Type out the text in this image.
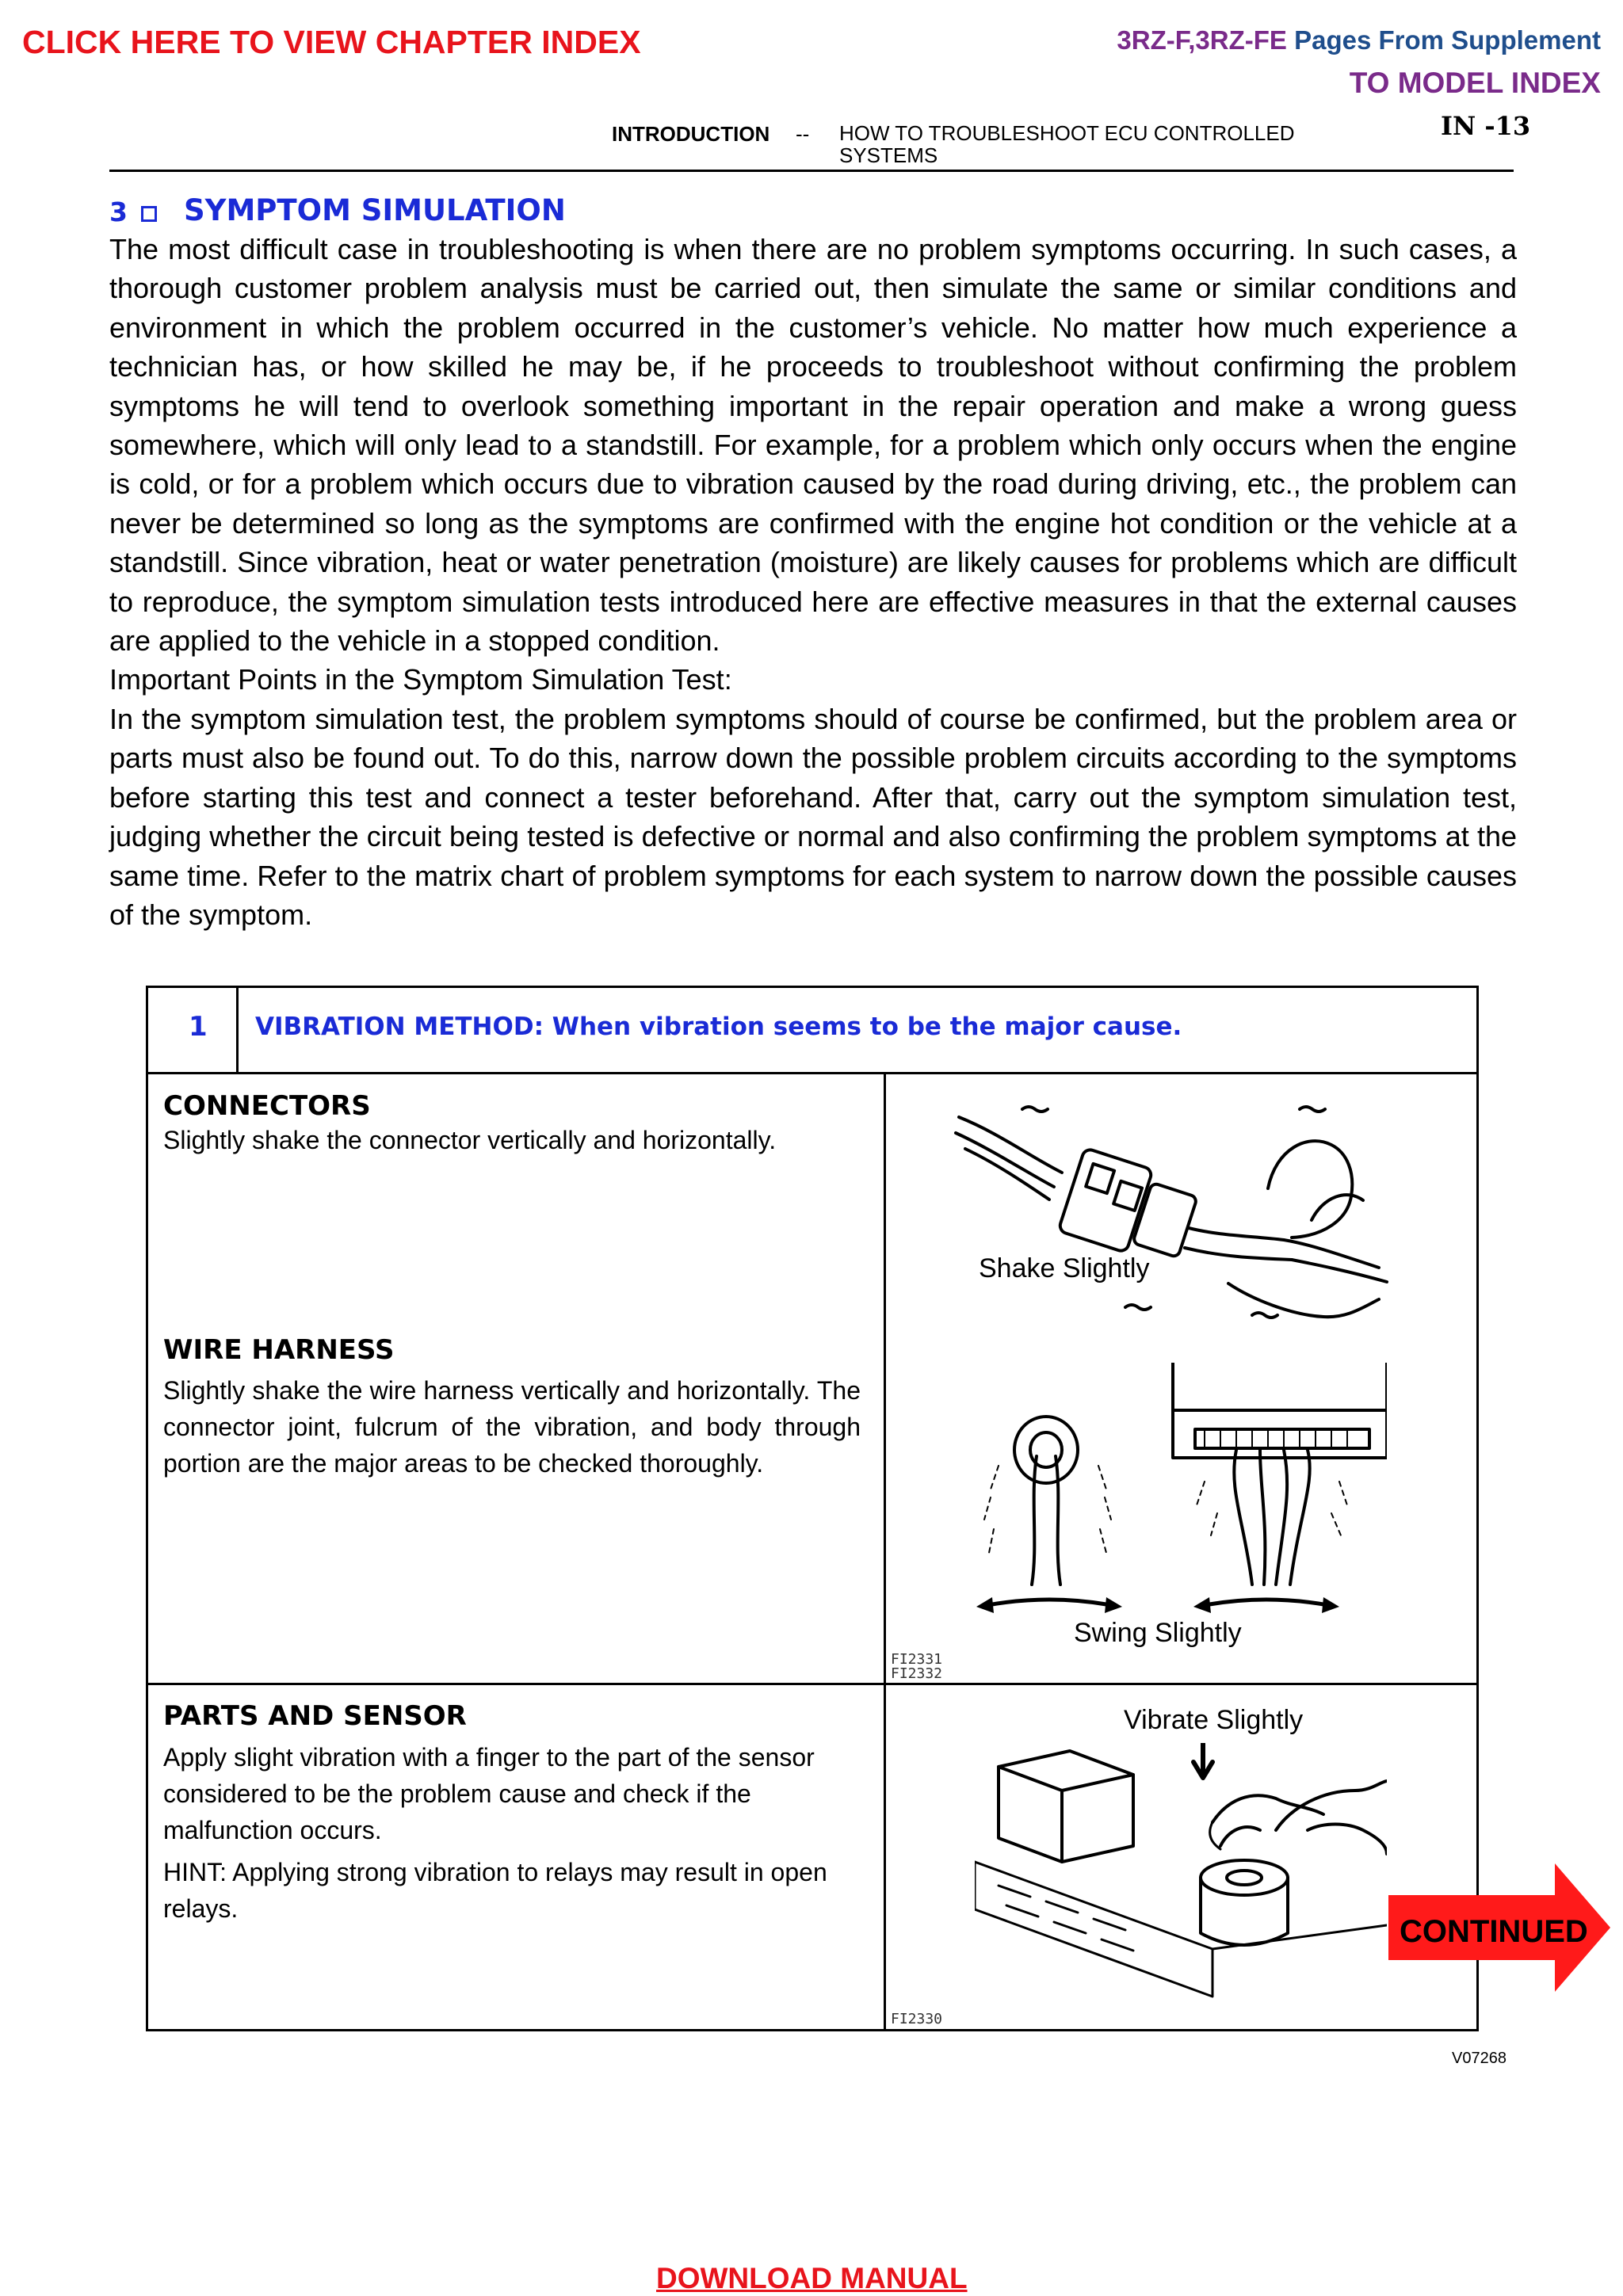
CLICK HERE TO VIEW CHAPTER INDEX	3RZ-F,3RZ-FE Pages From Supplement
TO MODEL INDEX
INTRODUCTION -- HOW TO TROUBLESHOOT ECU CONTROLLED SYSTEMS
IN -13
3 SYMPTOM SIMULATION
The most difficult case in troubleshooting is when there are no problem symptoms occurring. In such cases, a thorough customer problem analysis must be carried out, then simulate the same or similar conditions and environment in which the problem occurred in the customer’s vehicle. No matter how much experience a technician has, or how skilled he may be, if he proceeds to troubleshoot without confirming the problem symptoms he will tend to overlook something important in the repair operation and make a wrong guess somewhere, which will only lead to a standstill. For example, for a problem which only occurs when the engine is cold, or for a problem which occurs due to vibration caused by the road during driving, etc., the problem can never be determined so long as the symptoms are confirmed with the engine hot condition or the vehicle at a standstill. Since vibration, heat or water penetration (moisture) are likely causes for problems which are difficult to reproduce, the symptom simulation tests introduced here are effective measures in that the external causes are applied to the vehicle in a stopped condition.
Important Points in the Symptom Simulation Test:
In the symptom simulation test, the problem symptoms should of course be confirmed, but the problem area or parts must also be found out. To do this, narrow down the possible problem circuits according to the symptoms before starting this test and connect a tester beforehand. After that, carry out the symptom simulation test, judging whether the circuit being tested is defective or normal and also confirming the problem symptoms at the same time. Refer to the matrix chart of problem symptoms for each system to narrow down the possible causes of the symptom.
1 VIBRATION METHOD: When vibration seems to be the major cause.
CONNECTORS
Slightly shake the connector vertically and horizontally.
WIRE HARNESS
Slightly shake the wire harness vertically and horizontally. The connector joint, fulcrum of the vibration, and body through portion are the major areas to be checked thoroughly.
PARTS AND SENSOR
Apply slight vibration with a finger to the part of the sensor considered to be the problem cause and check if the malfunction occurs.
HINT: Applying strong vibration to relays may result in open relays.
Shake Slightly
Swing Slightly
FI2331
FI2332
Vibrate Slightly
FI2330
CONTINUED
V07268
DOWNLOAD MANUAL
